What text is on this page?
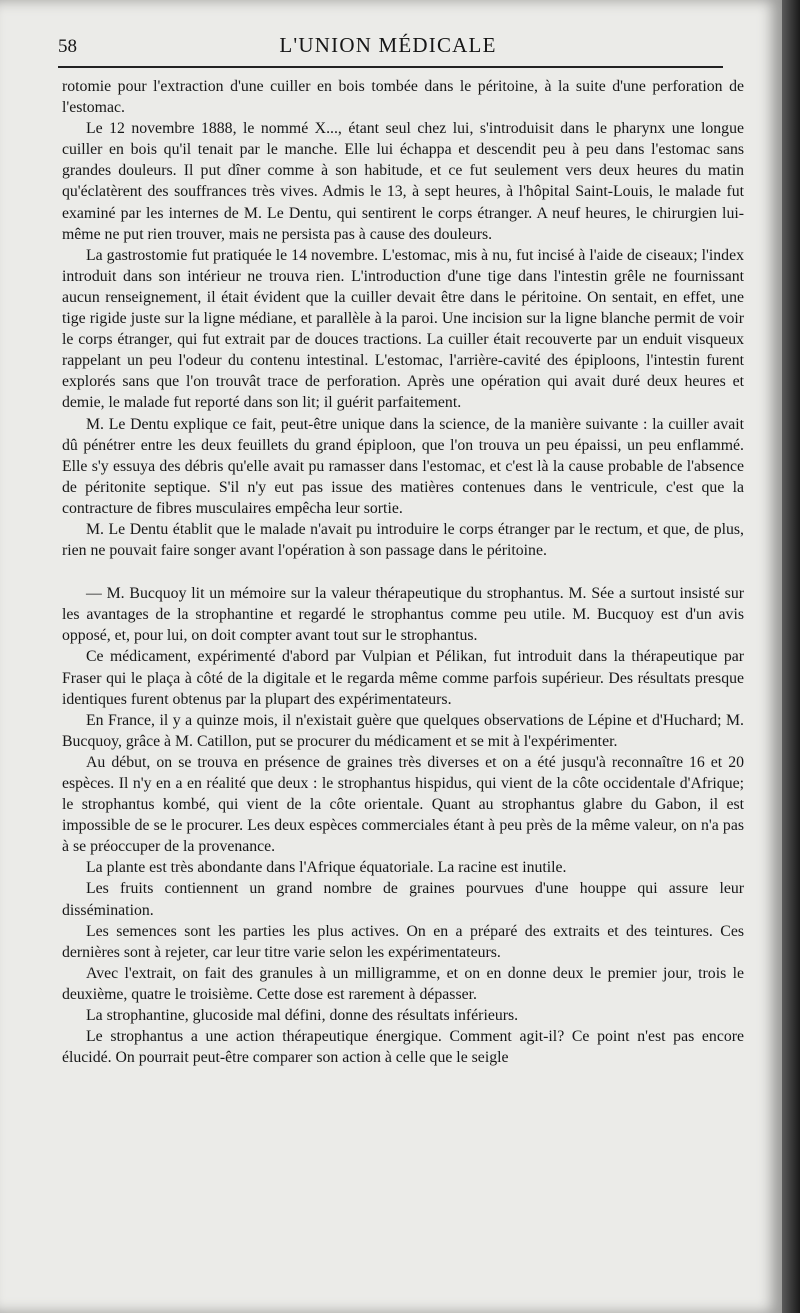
58	L'UNION MÉDICALE

rotomie pour l'extraction d'une cuiller en bois tombée dans le péritoine, à la suite d'une perforation de l'estomac.

Le 12 novembre 1888, le nommé X..., étant seul chez lui, s'introduisit dans le pharynx une longue cuiller en bois qu'il tenait par le manche. Elle lui échappa et descendit peu à peu dans l'estomac sans grandes douleurs. Il put dîner comme à son habitude, et ce fut seulement vers deux heures du matin qu'éclatèrent des souffrances très vives. Admis le 13, à sept heures, à l'hôpital Saint-Louis, le malade fut examiné par les internes de M. Le Dentu, qui sentirent le corps étranger. A neuf heures, le chirurgien lui-même ne put rien trouver, mais ne persista pas à cause des douleurs.

La gastrostomie fut pratiquée le 14 novembre. L'estomac, mis à nu, fut incisé à l'aide de ciseaux; l'index introduit dans son intérieur ne trouva rien. L'introduction d'une tige dans l'intestin grêle ne fournissant aucun renseignement, il était évident que la cuiller devait être dans le péritoine. On sentait, en effet, une tige rigide juste sur la ligne médiane, et parallèle à la paroi. Une incision sur la ligne blanche permit de voir le corps étranger, qui fut extrait par de douces tractions. La cuiller était recouverte par un enduit visqueux rappelant un peu l'odeur du contenu intestinal. L'estomac, l'arrière-cavité des épiploons, l'intestin furent explorés sans que l'on trouvât trace de perforation. Après une opération qui avait duré deux heures et demie, le malade fut reporté dans son lit; il guérit parfaitement.

M. Le Dentu explique ce fait, peut-être unique dans la science, de la manière suivante : la cuiller avait dû pénétrer entre les deux feuillets du grand épiploon, que l'on trouva un peu épaissi, un peu enflammé. Elle s'y essuya des débris qu'elle avait pu ramasser dans l'estomac, et c'est là la cause probable de l'absence de péritonite septique. S'il n'y eut pas issue des matières contenues dans le ventricule, c'est que la contracture de fibres musculaires empêcha leur sortie.

M. Le Dentu établit que le malade n'avait pu introduire le corps étranger par le rectum, et que, de plus, rien ne pouvait faire songer avant l'opération à son passage dans le péritoine.

— M. Bucquoy lit un mémoire sur la valeur thérapeutique du strophantus. M. Sée a surtout insisté sur les avantages de la strophantine et regardé le strophantus comme peu utile. M. Bucquoy est d'un avis opposé, et, pour lui, on doit compter avant tout sur le strophantus.

Ce médicament, expérimenté d'abord par Vulpian et Pélikan, fut introduit dans la thérapeutique par Fraser qui le plaça à côté de la digitale et le regarda même comme parfois supérieur. Des résultats presque identiques furent obtenus par la plupart des expérimentateurs.

En France, il y a quinze mois, il n'existait guère que quelques observations de Lépine et d'Huchard; M. Bucquoy, grâce à M. Catillon, put se procurer du médicament et se mit à l'expérimenter.

Au début, on se trouva en présence de graines très diverses et on a été jusqu'à reconnaître 16 et 20 espèces. Il n'y en a en réalité que deux : le strophantus hispidus, qui vient de la côte occidentale d'Afrique; le strophantus kombé, qui vient de la côte orientale. Quant au strophantus glabre du Gabon, il est impossible de se le procurer. Les deux espèces commerciales étant à peu près de la même valeur, on n'a pas à se préoccuper de la provenance.

La plante est très abondante dans l'Afrique équatoriale. La racine est inutile.

Les fruits contiennent un grand nombre de graines pourvues d'une houppe qui assure leur dissémination.

Les semences sont les parties les plus actives. On en a préparé des extraits et des teintures. Ces dernières sont à rejeter, car leur titre varie selon les expérimentateurs.

Avec l'extrait, on fait des granules à un milligramme, et on en donne deux le premier jour, trois le deuxième, quatre le troisième. Cette dose est rarement à dépasser.

La strophantine, glucoside mal défini, donne des résultats inférieurs.

Le strophantus a une action thérapeutique énergique. Comment agit-il? Ce point n'est pas encore élucidé. On pourrait peut-être comparer son action à celle que le seigle
